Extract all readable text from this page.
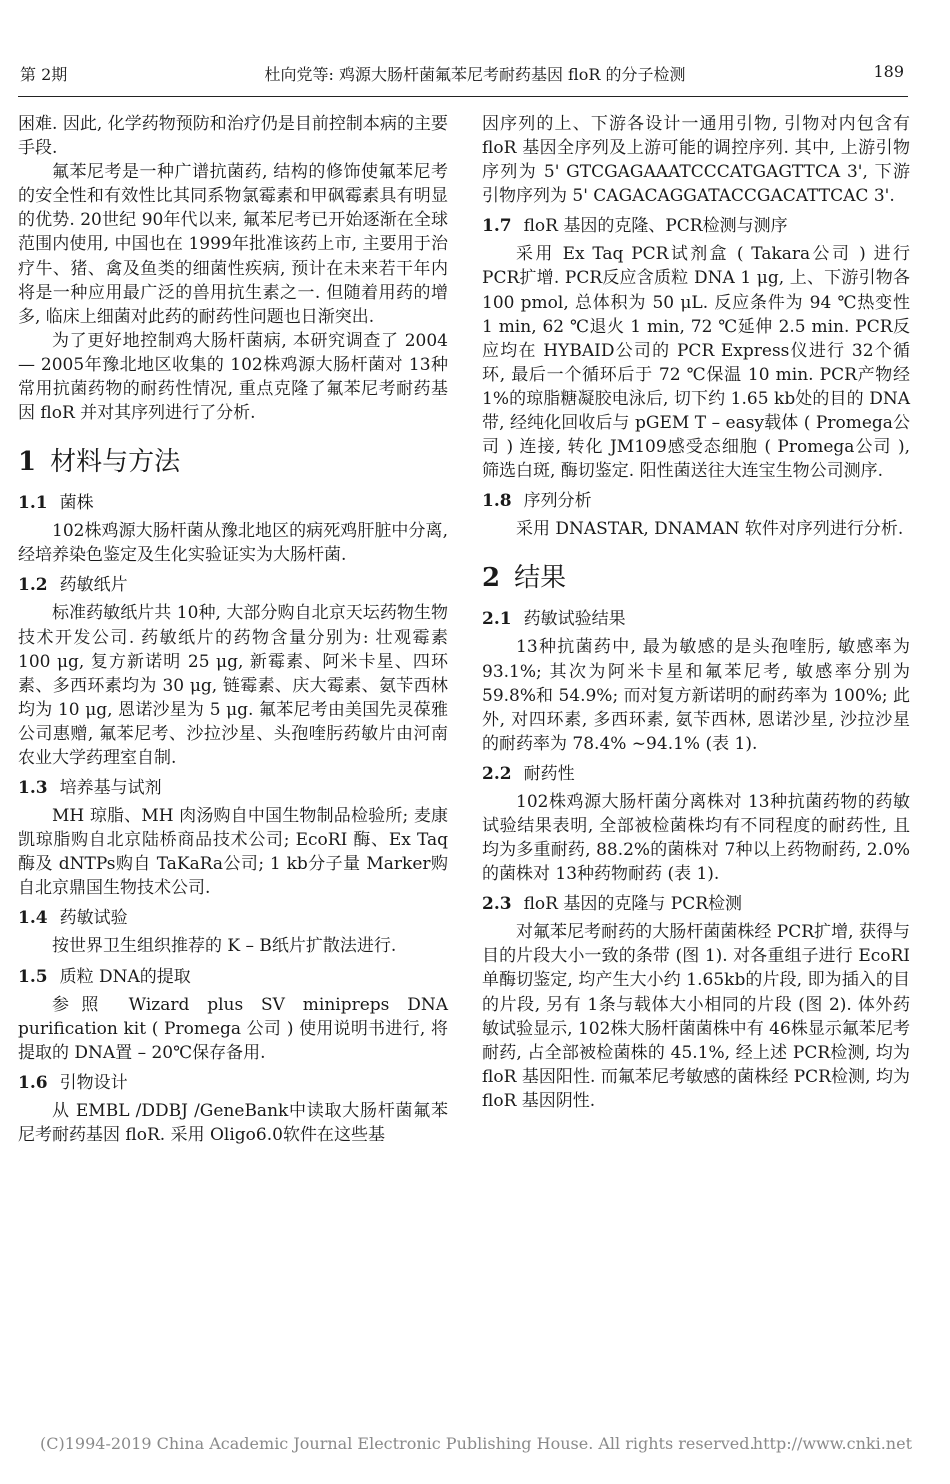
第 2期	杜向党等: 鸡源大肠杆菌氟苯尼考耐药基因 floR 的分子检测	189

困难. 因此, 化学药物预防和治疗仍是目前控制本病的主要手段.

氟苯尼考是一种广谱抗菌药, 结构的修饰使氟苯尼考的安全性和有效性比其同系物氯霉素和甲砜霉素具有明显的优势. 20世纪 90年代以来, 氟苯尼考已开始逐渐在全球范围内使用, 中国也在 1999年批准该药上市, 主要用于治疗牛、猪、禽及鱼类的细菌性疾病, 预计在未来若干年内将是一种应用最广泛的兽用抗生素之一. 但随着用药的增多, 临床上细菌对此药的耐药性问题也日渐突出.

为了更好地控制鸡大肠杆菌病, 本研究调查了 2004— 2005年豫北地区收集的 102株鸡源大肠杆菌对 13种常用抗菌药物的耐药性情况, 重点克隆了氟苯尼考耐药基因 floR 并对其序列进行了分析.

1 材料与方法
1.1 菌株

102株鸡源大肠杆菌从豫北地区的病死鸡肝脏中分离, 经培养染色鉴定及生化实验证实为大肠杆菌.

1.2 药敏纸片

标准药敏纸片共 10种, 大部分购自北京天坛药物生物技术开发公司. 药敏纸片的药物含量分别为: 壮观霉素 100 μg, 复方新诺明 25 μg, 新霉素、阿米卡星、四环素、多西环素均为 30 μg, 链霉素、庆大霉素、氨苄西林均为 10 μg, 恩诺沙星为 5 μg. 氟苯尼考由美国先灵葆雅公司惠赠, 氟苯尼考、沙拉沙星、头孢喹肟药敏片由河南农业大学药理室自制.

1.3 培养基与试剂

MH 琼脂、MH 肉汤购自中国生物制品检验所; 麦康凯琼脂购自北京陆桥商品技术公司; EcoRI 酶、Ex Taq酶及 dNTPs购自 TaKaRa公司; 1 kb分子量 Marker购自北京鼎国生物技术公司.

1.4 药敏试验

按世界卫生组织推荐的 K – B纸片扩散法进行.

1.5 质粒 DNA的提取

参照 Wizard plus SV minipreps DNA purification kit ( Promega 公司 ) 使用说明书进行, 将提取的 DNA置 – 20℃保存备用.

1.6 引物设计

从 EMBL /DDBJ /GeneBank中读取大肠杆菌氟苯尼考耐药基因 floR. 采用 Oligo6.0软件在这些基

因序列的上、下游各设计一通用引物, 引物对内包含有 floR 基因全序列及上游可能的调控序列. 其中, 上游引物序列为 5' GTCGAGAAATCCCATGAGTTCA 3', 下游引物序列为 5' CAGACAGGATACCGACATTCAC 3'.

1.7 floR 基因的克隆、PCR检测与测序

采用 Ex Taq PCR试剂盒 ( Takara公司 ) 进行 PCR扩增. PCR反应含质粒 DNA 1 μg, 上、下游引物各 100 pmol, 总体积为 50 μL. 反应条件为 94 ℃热变性 1 min, 62 ℃退火 1 min, 72 ℃延伸 2.5 min. PCR反应均在 HYBAID公司的 PCR Express仪进行 32个循环, 最后一个循环后于 72 ℃保温 10 min. PCR产物经 1%的琼脂糖凝胶电泳后, 切下约 1.65 kb处的目的 DNA带, 经纯化回收后与 pGEM T – easy载体 ( Promega公司 ) 连接, 转化 JM109感受态细胞 ( Promega公司 ), 筛选白斑, 酶切鉴定. 阳性菌送往大连宝生物公司测序.

1.8 序列分析

采用 DNASTAR, DNAMAN 软件对序列进行分析.

2 结果
2.1 药敏试验结果

13种抗菌药中, 最为敏感的是头孢喹肟, 敏感率为 93.1%; 其次为阿米卡星和氟苯尼考, 敏感率分别为 59.8%和 54.9%; 而对复方新诺明的耐药率为 100%; 此外, 对四环素, 多西环素, 氨苄西林, 恩诺沙星, 沙拉沙星的耐药率为 78.4% ~94.1% (表 1).

2.2 耐药性

102株鸡源大肠杆菌分离株对 13种抗菌药物的药敏试验结果表明, 全部被检菌株均有不同程度的耐药性, 且均为多重耐药, 88.2%的菌株对 7种以上药物耐药, 2.0%的菌株对 13种药物耐药 (表 1).

2.3 floR 基因的克隆与 PCR检测

对氟苯尼考耐药的大肠杆菌菌株经 PCR扩增, 获得与目的片段大小一致的条带 (图 1). 对各重组子进行 EcoRI单酶切鉴定, 均产生大小约 1.65kb的片段, 即为插入的目的片段, 另有 1条与载体大小相同的片段 (图 2). 体外药敏试验显示, 102株大肠杆菌菌株中有 46株显示氟苯尼考耐药, 占全部被检菌株的 45.1%, 经上述 PCR检测, 均为 floR 基因阳性. 而氟苯尼考敏感的菌株经 PCR检测, 均为 floR 基因阴性.

(C)1994-2019 China Academic Journal Electronic Publishing House. All rights reserved.
http://www.cnki.net
